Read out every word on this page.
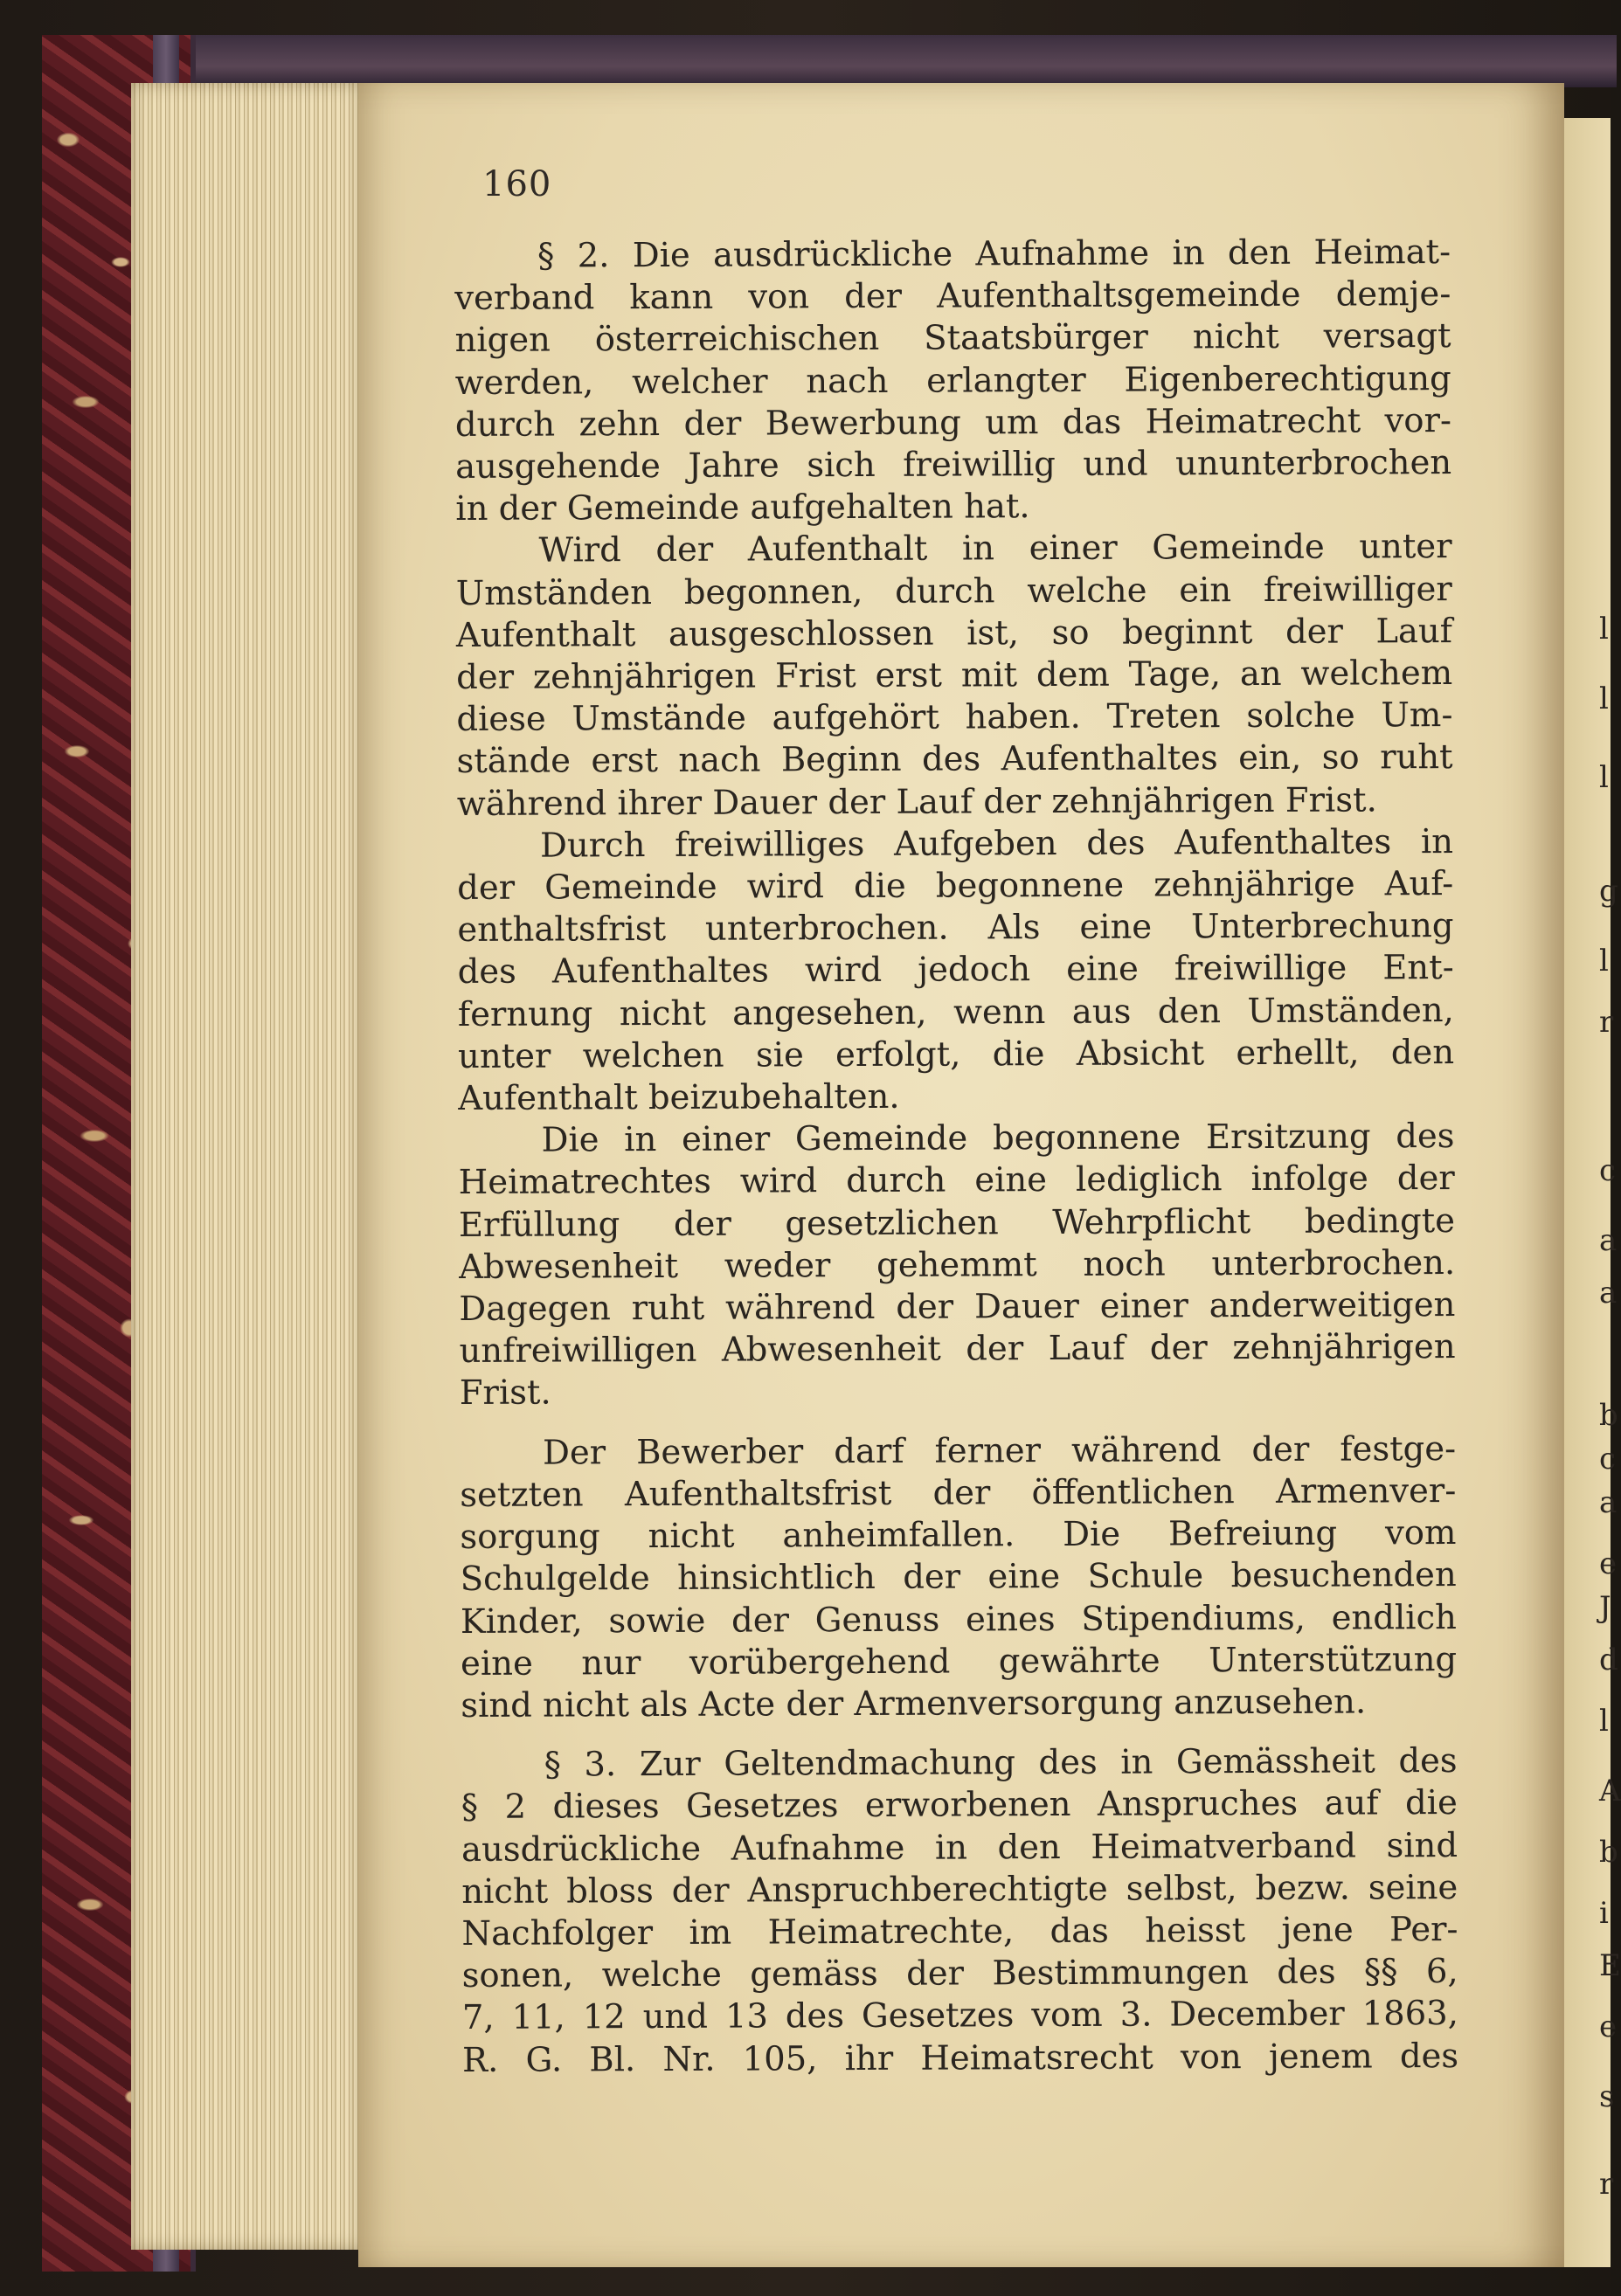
l
l
l
g
l
r
c
a
a
b
c
a
e
J
d
l
A
b
i
E
e
s
r
160

§ 2. Die ausdrückliche Aufnahme in den Heimat-
verband kann von der Aufenthaltsgemeinde demje-
nigen österreichischen Staatsbürger nicht versagt
werden, welcher nach erlangter Eigenberechtigung
durch zehn der Bewerbung um das Heimatrecht vor-
ausgehende Jahre sich freiwillig und ununterbrochen
in der Gemeinde aufgehalten hat.

Wird der Aufenthalt in einer Gemeinde unter
Umständen begonnen, durch welche ein freiwilliger
Aufenthalt ausgeschlossen ist, so beginnt der Lauf
der zehnjährigen Frist erst mit dem Tage, an welchem
diese Umstände aufgehört haben. Treten solche Um-
stände erst nach Beginn des Aufenthaltes ein, so ruht
während ihrer Dauer der Lauf der zehnjährigen Frist.

Durch freiwilliges Aufgeben des Aufenthaltes in
der Gemeinde wird die begonnene zehnjährige Auf-
enthaltsfrist unterbrochen. Als eine Unterbrechung
des Aufenthaltes wird jedoch eine freiwillige Ent-
fernung nicht angesehen, wenn aus den Umständen,
unter welchen sie erfolgt, die Absicht erhellt, den
Aufenthalt beizubehalten.

Die in einer Gemeinde begonnene Ersitzung des
Heimatrechtes wird durch eine lediglich infolge der
Erfüllung der gesetzlichen Wehrpflicht bedingte
Abwesenheit weder gehemmt noch unterbrochen.
Dagegen ruht während der Dauer einer anderweitigen
unfreiwilligen Abwesenheit der Lauf der zehnjährigen
Frist.

Der Bewerber darf ferner während der festge-
setzten Aufenthaltsfrist der öffentlichen Armenver-
sorgung nicht anheimfallen. Die Befreiung vom
Schulgelde hinsichtlich der eine Schule besuchenden
Kinder, sowie der Genuss eines Stipendiums, endlich
eine nur vorübergehend gewährte Unterstützung
sind nicht als Acte der Armenversorgung anzusehen.

§ 3. Zur Geltendmachung des in Gemässheit des
§ 2 dieses Gesetzes erworbenen Anspruches auf die
ausdrückliche Aufnahme in den Heimatverband sind
nicht bloss der Anspruchberechtigte selbst, bezw. seine
Nachfolger im Heimatrechte, das heisst jene Per-
sonen, welche gemäss der Bestimmungen des §§ 6,
7, 11, 12 und 13 des Gesetzes vom 3. December 1863,
R. G. Bl. Nr. 105, ihr Heimatsrecht von jenem des
